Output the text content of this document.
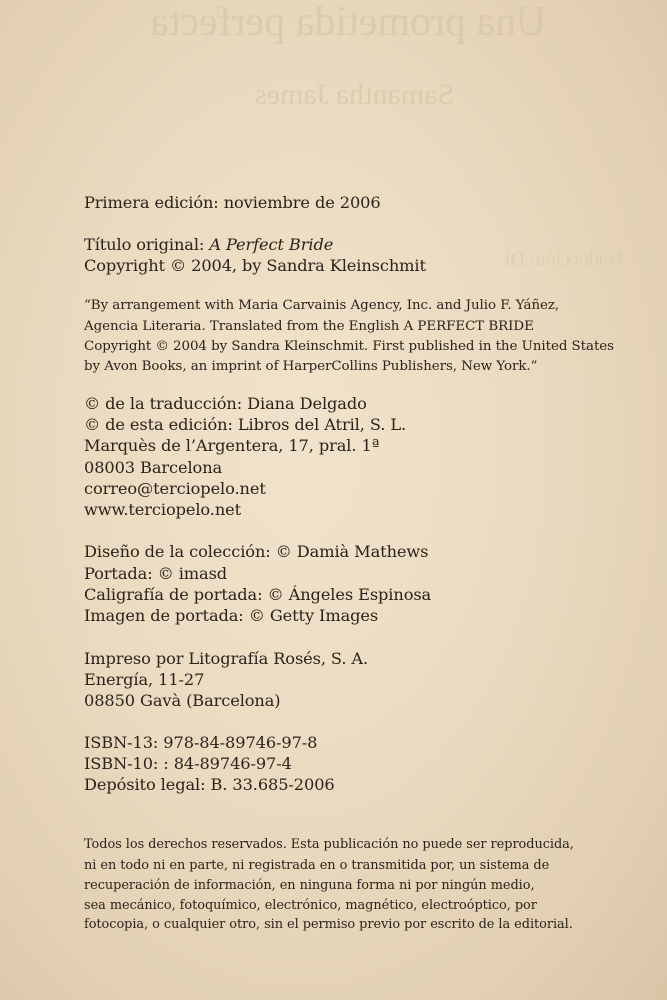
Una prometida perfecta
Samantha James
Traducción: Di
Primera edición: noviembre de 2006
Título original: A Perfect Bride
Copyright © 2004, by Sandra Kleinschmit
“By arrangement with Maria Carvainis Agency, Inc. and Julio F. Yáñez,
Agencia Literaria. Translated from the English A PERFECT BRIDE
Copyright © 2004 by Sandra Kleinschmit. First published in the United States
by Avon Books, an imprint of HarperCollins Publishers, New York.”
© de la traducción: Diana Delgado
© de esta edición: Libros del Atril, S. L.
Marquès de l’Argentera, 17, pral. 1ª
08003 Barcelona
correo@terciopelo.net
www.terciopelo.net
Diseño de la colección: © Damià Mathews
Portada: © imasd
Caligrafía de portada: © Ángeles Espinosa
Imagen de portada: © Getty Images
Impreso por Litografía Rosés, S. A.
Energía, 11-27
08850 Gavà (Barcelona)
ISBN-13: 978-84-89746-97-8
ISBN-10: : 84-89746-97-4
Depósito legal: B. 33.685-2006
Todos los derechos reservados. Esta publicación no puede ser reproducida,
ni en todo ni en parte, ni registrada en o transmitida por, un sistema de
recuperación de información, en ninguna forma ni por ningún medio,
sea mecánico, fotoquímico, electrónico, magnético, electroóptico, por
fotocopia, o cualquier otro, sin el permiso previo por escrito de la editorial.
